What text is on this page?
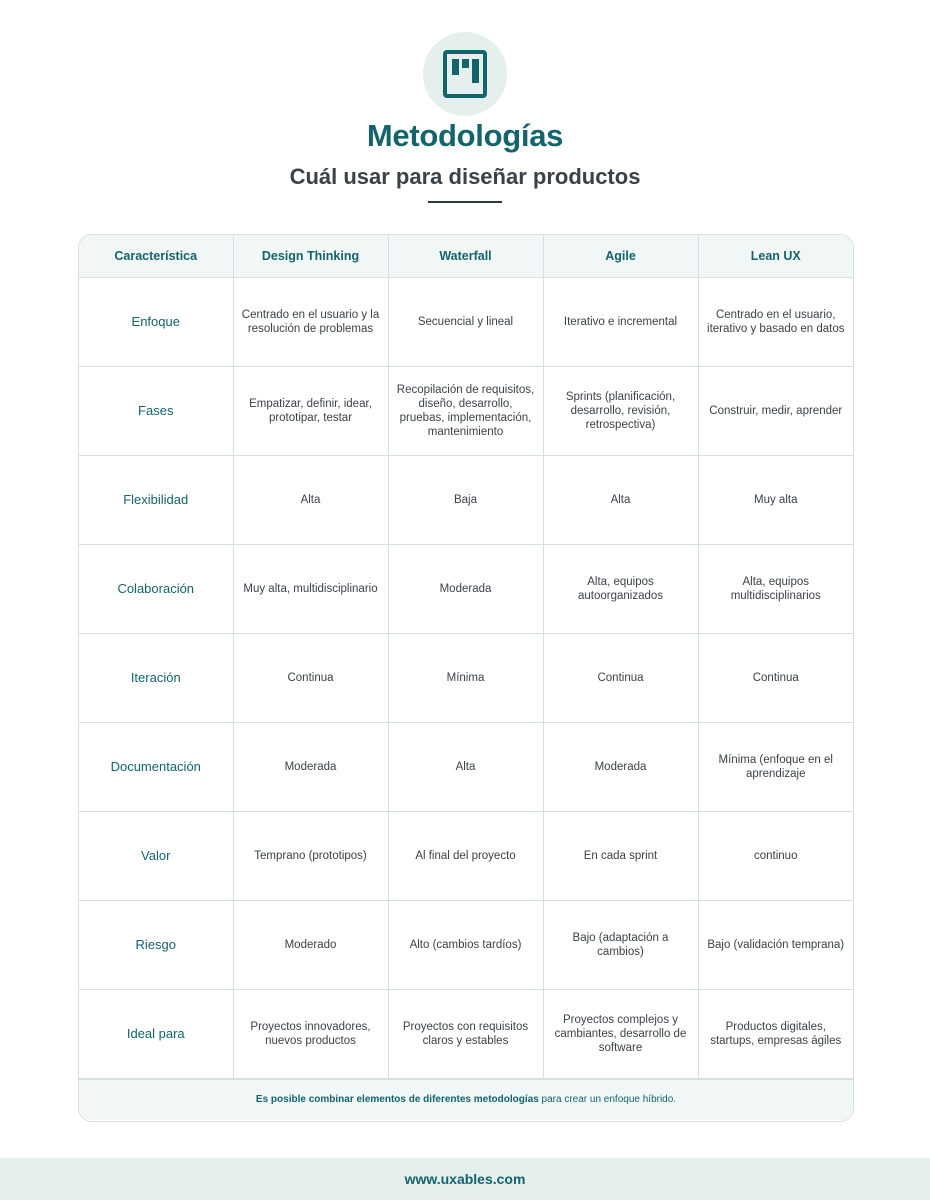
Metodologías
Cuál usar para diseñar productos
Característica	Design Thinking	Waterfall	Agile	Lean UX
Enfoque	Centrado en el usuario y la resolución de problemas	Secuencial y lineal	Iterativo e incremental	Centrado en el usuario, iterativo y basado en datos
Fases	Empatizar, definir, idear, prototipar, testar	Recopilación de requisitos, diseño, desarrollo, pruebas, implementación, mantenimiento	Sprints (planificación, desarrollo, revisión, retrospectiva)	Construir, medir, aprender
Flexibilidad	Alta	Baja	Alta	Muy alta
Colaboración	Muy alta, multidisciplinario	Moderada	Alta, equipos autoorganizados	Alta, equipos multidisciplinarios
Iteración	Continua	Mínima	Continua	Continua
Documentación	Moderada	Alta	Moderada	Mínima (enfoque en el aprendizaje
Valor	Temprano (prototipos)	Al final del proyecto	En cada sprint	continuo
Riesgo	Moderado	Alto (cambios tardíos)	Bajo (adaptación a cambios)	Bajo (validación temprana)
Ideal para	Proyectos innovadores, nuevos productos	Proyectos con requisitos claros y estables	Proyectos complejos y cambiantes, desarrollo de software	Productos digitales, startups, empresas ágiles
Es posible combinar elementos de diferentes metodologías para crear un enfoque híbrido.
www.uxables.com
